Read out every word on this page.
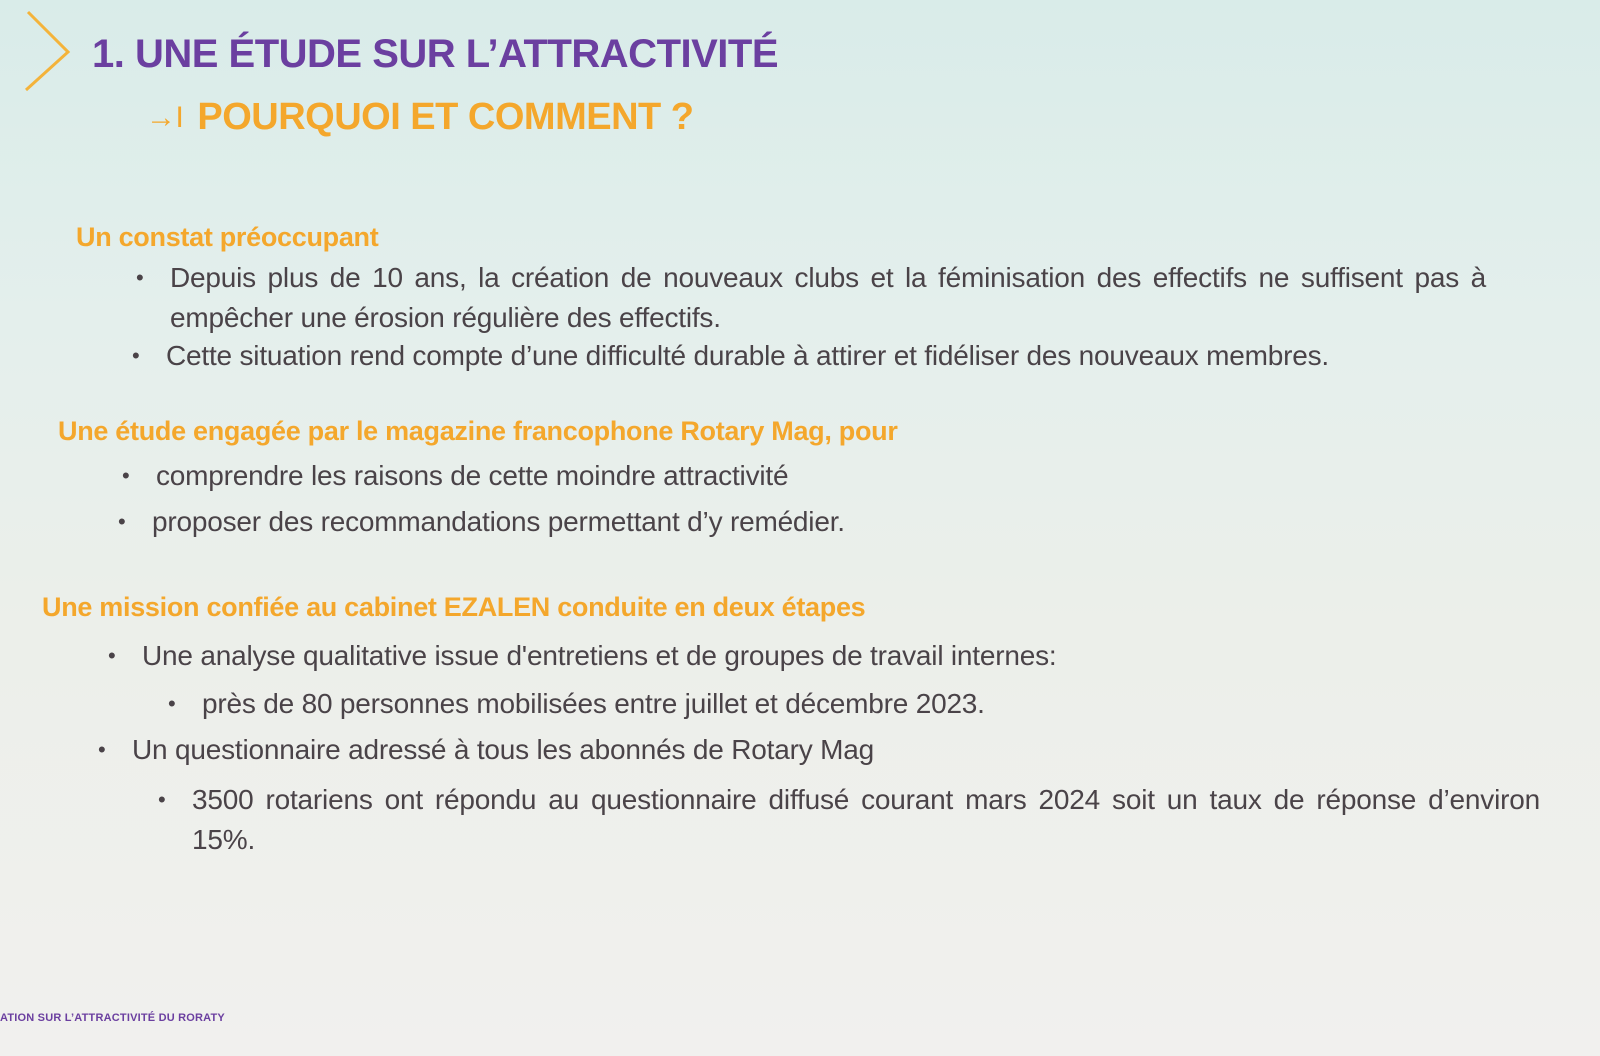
1. UNE ÉTUDE SUR L’ATTRACTIVITÉ
→I POURQUOI ET COMMENT ?
Un constat préoccupant
• Depuis plus de 10 ans, la création de nouveaux clubs et la féminisation des effectifs ne suffisent pas à empêcher une érosion régulière des effectifs.
• Cette situation rend compte d’une difficulté durable à attirer et fidéliser des nouveaux membres.
Une étude engagée par le magazine francophone Rotary Mag, pour
• comprendre les raisons de cette moindre attractivité
• proposer des recommandations permettant d’y remédier.
Une mission confiée au cabinet EZALEN conduite en deux étapes
• Une analyse qualitative issue d'entretiens et de groupes de travail internes:
• près de 80 personnes mobilisées entre juillet et décembre 2023.
• Un questionnaire adressé à tous les abonnés de Rotary Mag
• 3500 rotariens ont répondu au questionnaire diffusé courant mars 2024 soit un taux de réponse d’environ 15%.
ATION SUR L’ATTRACTIVITÉ DU RORATY
